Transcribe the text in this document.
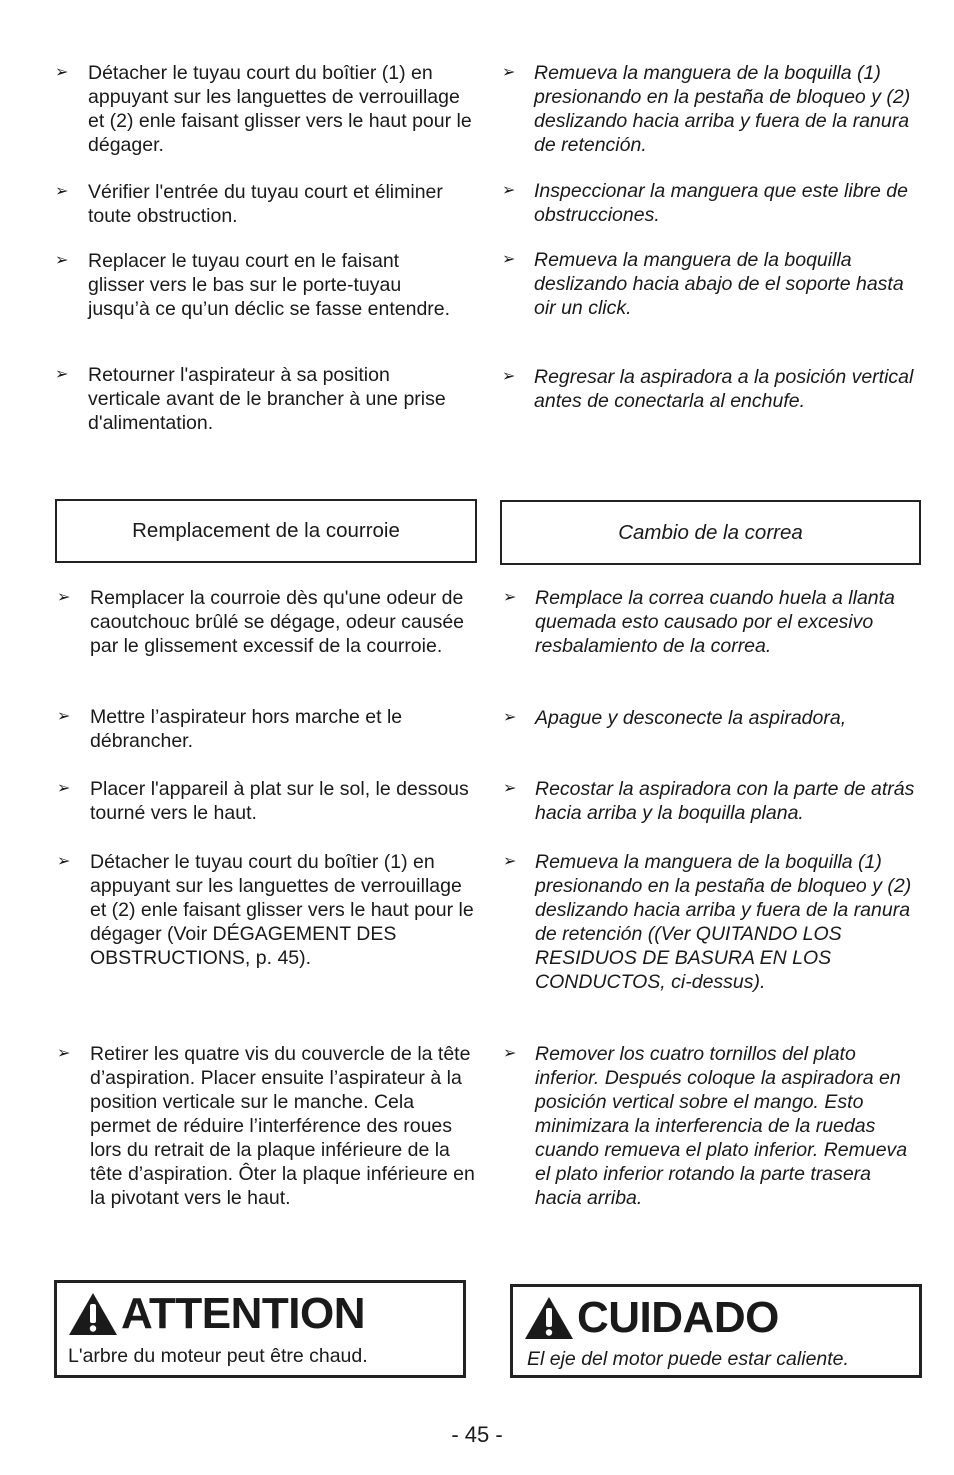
➢ Détacher le tuyau court du boîtier (1) en appuyant sur les languettes de verrouillage et (2) enle faisant glisser vers le haut pour le dégager.
➢ Vérifier l'entrée du tuyau court et éliminer toute obstruction.
➢ Replacer le tuyau court en le faisant glisser vers le bas sur le porte-tuyau jusqu’à ce qu’un déclic se fasse entendre.
➢ Retourner l'aspirateur à sa position verticale avant de le brancher à une prise d'alimentation.
➢ Remueva la manguera de la boquilla (1) presionando en la pestaña de bloqueo y (2) deslizando hacia arriba y fuera de la ranura de retención.
➢ Inspeccionar la manguera que este libre de obstrucciones.
➢ Remueva la manguera de la boquilla deslizando hacia abajo de el soporte hasta oir un click.
➢ Regresar la aspiradora a la posición vertical antes de conectarla al enchufe.
Remplacement de la courroie	Cambio de la correa
➢ Remplacer la courroie dès qu'une odeur de caoutchouc brûlé se dégage, odeur causée par le glissement excessif de la courroie.
➢ Mettre l’aspirateur hors marche et le débrancher.
➢ Placer l'appareil à plat sur le sol, le dessous tourné vers le haut.
➢ Détacher le tuyau court du boîtier (1) en appuyant sur les languettes de verrouillage et (2) enle faisant glisser vers le haut pour le dégager (Voir DÉGAGEMENT DES OBSTRUCTIONS, p. 45).
➢ Retirer les quatre vis du couvercle de la tête d’aspiration. Placer ensuite l’aspirateur à la position verticale sur le manche. Cela permet de réduire l’interférence des roues lors du retrait de la plaque inférieure de la tête d’aspiration. Ôter la plaque inférieure en la pivotant vers le haut.
➢ Remplace la correa cuando huela a llanta quemada esto causado por el excesivo resbalamiento de la correa.
➢ Apague y desconecte la aspiradora,
➢ Recostar la aspiradora con la parte de atrás hacia arriba y la boquilla plana.
➢ Remueva la manguera de la boquilla (1) presionando en la pestaña de bloqueo y (2) deslizando hacia arriba y fuera de la ranura de retención ((Ver QUITANDO LOS RESIDUOS DE BASURA EN LOS CONDUCTOS, ci-dessus).
➢ Remover los cuatro tornillos del plato inferior. Después coloque la aspiradora en posición vertical sobre el mango. Esto minimizara la interferencia de la ruedas cuando remueva el plato inferior. Remueva el plato inferior rotando la parte trasera hacia arriba.
ATTENTION
L'arbre du moteur peut être chaud.
CUIDADO
El eje del motor puede estar caliente.
- 45 -
